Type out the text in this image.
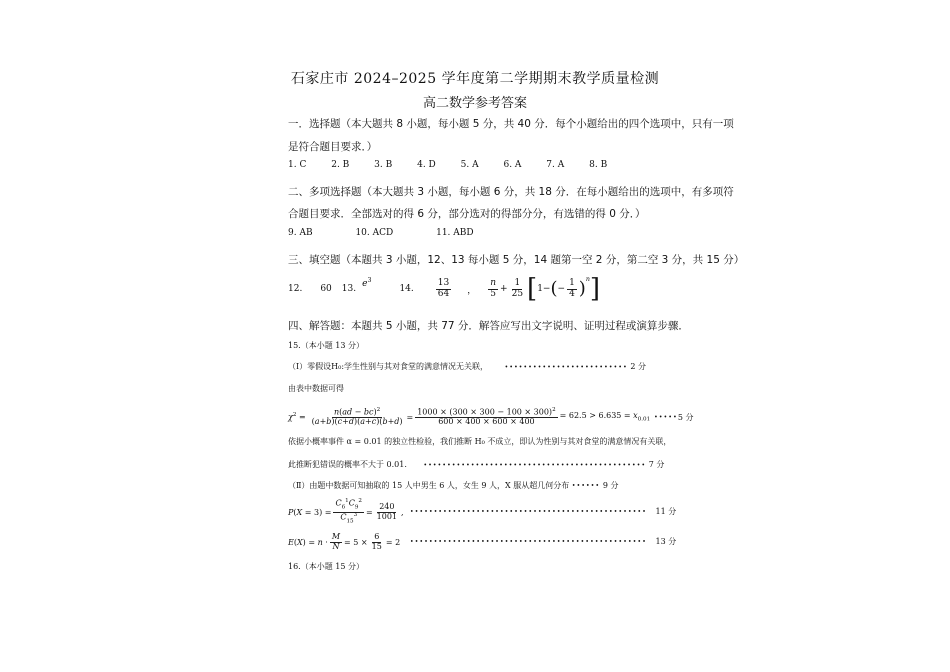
石家庄市 2024–2025 学年度第二学期期末教学质量检测
高二数学参考答案
一．选择题（本大题共 8 小题，每小题 5 分，共 40 分．每个小题给出的四个选项中，只有一项
是符合题目要求．）
1. C	2. B	3. B	4. D	5. A	6. A	7. A	8. B
二、多项选择题（本大题共 3 小题，每小题 6 分，共 18 分．在每小题给出的选项中，有多项符
合题目要求．全部选对的得 6 分，部分选对的得部分分，有选错的得 0 分．）
9. AB	10. ACD	11. ABD
三、填空题（本题共 3 小题，12、13 每小题 5 分，14 题第一空 2 分，第二空 3 分，共 15 分）
12. 60 13. $e^3$
14. $\frac{13}{64}$ ， $\frac{n}{5} + \frac{1}{25}$ [ 1− ( − $\frac{1}{4} )^n$ ]
四、解答题：本题共 5 小题，共 77 分．解答应写出文字说明、证明过程或演算步骤．
15.（本小题 13 分）
（Ⅰ）零假设H₀:学生性别与其对食堂的满意情况无关联，	•••••••••••••••••••••••••• 2 分
由表中数据可得
$\chi^2 = \frac{n(ad - bc)^2}{(a+b)(c+d)(a+c)(b+d)} = \frac{1000 \times (300 \times 300 - 100 \times 300)^2}{600 \times 400 \times 600 \times 400} = 62.5 > 6.635 = x_{0.01}$ ••••• 5 分
依据小概率事件 α = 0.01 的独立性检验，我们推断 H₀ 不成立，即认为性别与其对食堂的满意情况有关联，
此推断犯错误的概率不大于 0.01.	••••••••••••••••••••••••••••••••••••••••••••••• 7 分
（Ⅱ）由题中数据可知抽取的 15 人中男生 6 人，女生 9 人，X 服从超几何分布 •••••• 9 分
$P(X = 3) = \frac{C_6^1C_9^2}{C_{15}^3} = \frac{240}{1001}$ , •••••••••••••••••••••••••••••••••••••••••••••••••• 11 分
$E(X) = n \cdot \frac{M}{N} = 5 \times \frac{6}{15} = 2$ •••••••••••••••••••••••••••••••••••••••••••••••••• 13 分
16.（本小题 15 分）
